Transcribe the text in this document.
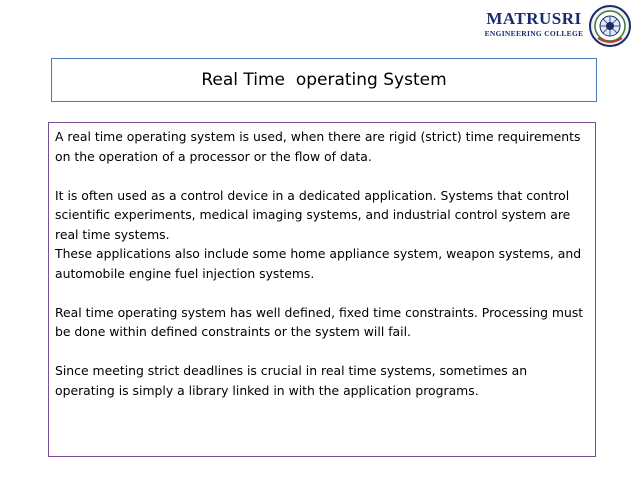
MATRUSRI
ENGINEERING COLLEGE
Real Time  operating System

A real time operating system is used, when there are rigid (strict) time requirements on the operation of a processor or the flow of data.

It is often used as a control device in a dedicated application. Systems that control scientific experiments, medical imaging systems, and industrial control system are real time systems.

These applications also include some home appliance system, weapon systems, and automobile engine fuel injection systems.

Real time operating system has well defined, fixed time constraints. Processing must be done within defined constraints or the system will fail.

Since meeting strict deadlines is crucial in real time systems, sometimes an operating is simply a library linked in with the application programs.
